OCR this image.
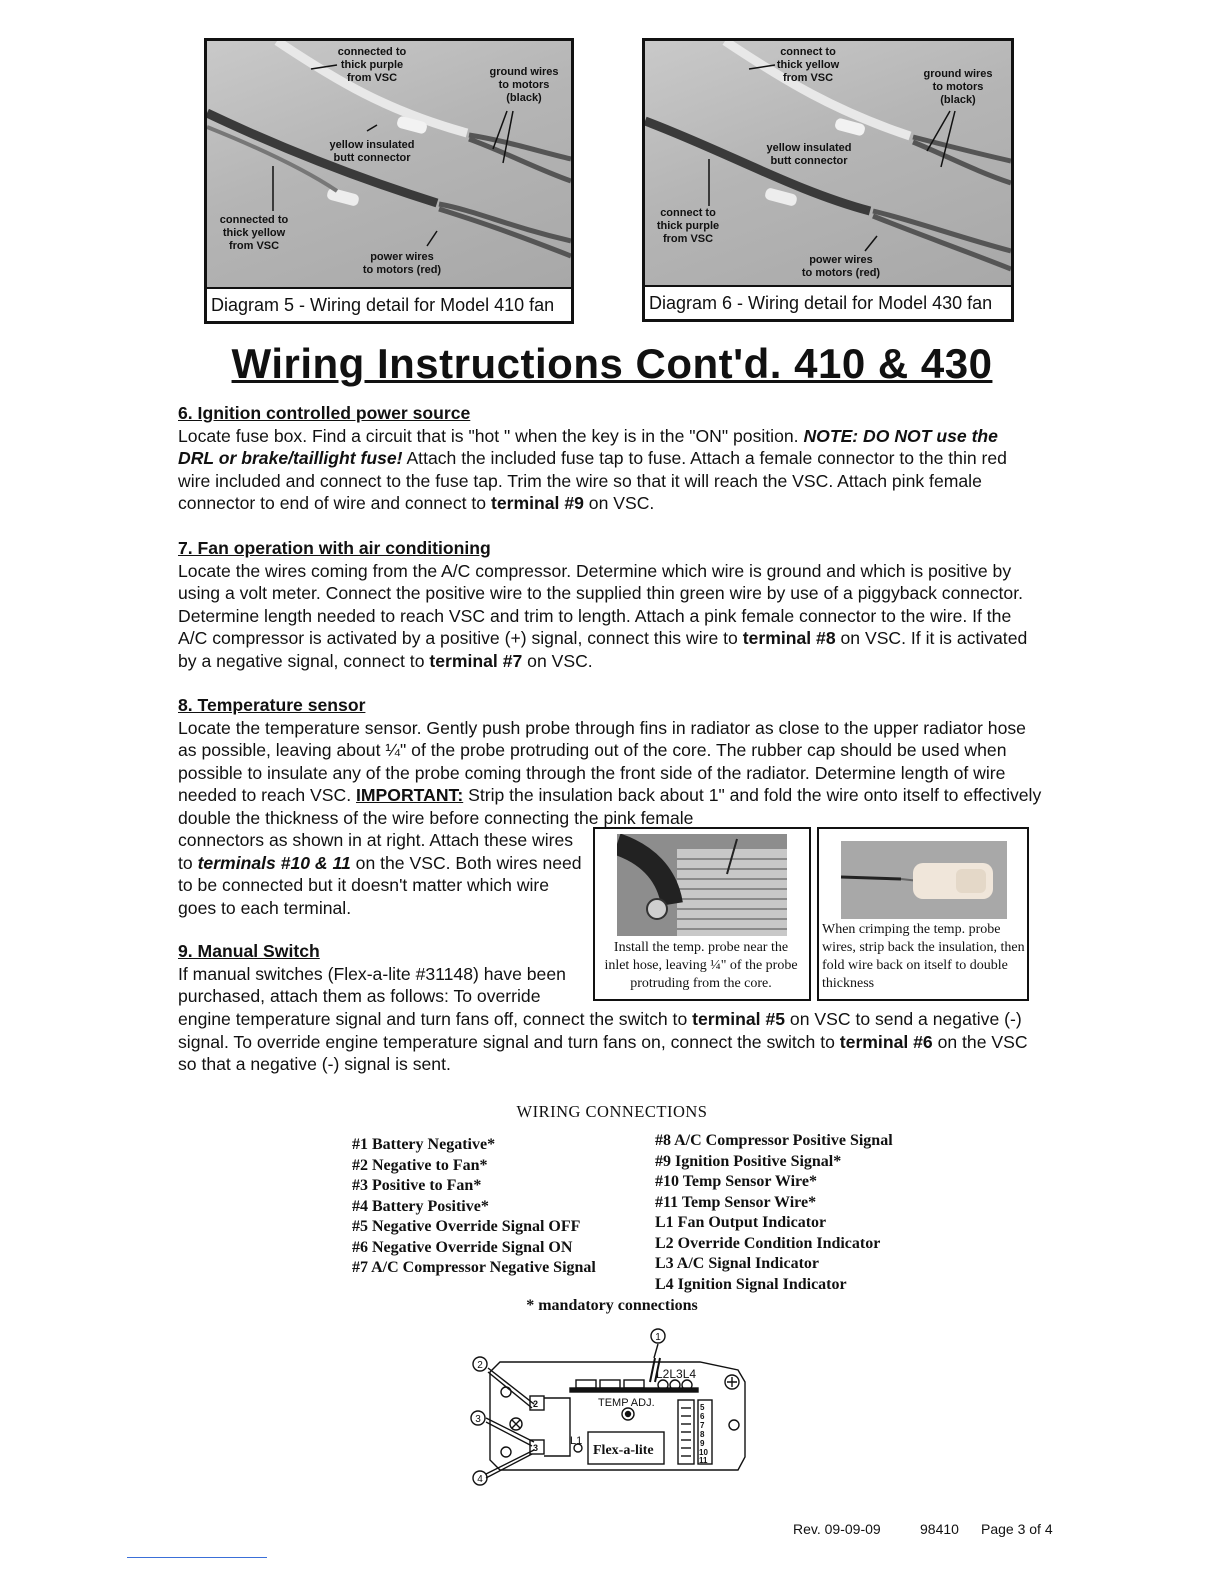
connected to
thick purple
from VSC	ground wires
to motors
(black)
yellow insulated
butt connector
connected to
thick yellow
from VSC
power wires
to motors (red)
Diagram 5 - Wiring detail for Model 410 fan
connect to
thick yellow
from VSC	ground wires
to motors
(black)
yellow insulated
butt connector
connect to
thick purple
from VSC
power wires
to motors (red)
Diagram 6 - Wiring detail for Model 430 fan
Wiring Instructions Cont'd. 410 & 430
6. Ignition controlled power source

Locate fuse box. Find a circuit that is "hot " when the key is in the "ON" position. NOTE: DO NOT use the DRL or brake/taillight fuse! Attach the included fuse tap to fuse. Attach a female connector to the thin red wire included and connect to the fuse tap. Trim the wire so that it will reach the VSC. Attach pink female connector to end of wire and connect to terminal #9 on VSC.

7. Fan operation with air conditioning

Locate the wires coming from the A/C compressor. Determine which wire is ground and which is positive by using a volt meter. Connect the positive wire to the supplied thin green wire by use of a piggyback connector. Determine length needed to reach VSC and trim to length. Attach a pink female connector to the wire. If the A/C compressor is activated by a positive (+) signal, connect this wire to terminal #8 on VSC. If it is activated by a negative signal, connect to terminal #7 on VSC.

8. Temperature sensor

Locate the temperature sensor. Gently push probe through fins in radiator as close to the upper radiator hose as possible, leaving about ¼" of the probe protruding out of the core. The rubber cap should be used when possible to insulate any of the probe coming through the front side of the radiator. Determine length of wire needed to reach VSC. IMPORTANT: Strip the insulation back about 1" and fold the wire onto itself to effectively double the thickness of the wire before connecting the pink female

connectors as shown in at right. Attach these wires to terminals #10 & 11 on the VSC. Both wires need to be connected but it doesn't matter which wire goes to each terminal.

Install the temp. probe near the inlet hose, leaving ¼" of the probe protruding from the core.
When crimping the temp. probe wires, strip back the insulation, then fold wire back on itself to double thickness
9. Manual Switch

If manual switches (Flex-a-lite #31148) have been purchased, attach them as follows: To override

engine temperature signal and turn fans off, connect the switch to terminal #5 on VSC to send a negative (-) signal. To override engine temperature signal and turn fans on, connect the switch to terminal #6 on the VSC so that a negative (-) signal is sent.

WIRING CONNECTIONS
#1 Battery Negative*
#2 Negative to Fan*
#3 Positive to Fan*
#4 Battery Positive*
#5 Negative Override Signal OFF
#6 Negative Override Signal ON
#7 A/C Compressor Negative Signal
#8 A/C Compressor Positive Signal
#9 Ignition Positive Signal*
#10 Temp Sensor Wire*
#11 Temp Sensor Wire*
L1 Fan Output Indicator
L2 Override Condition Indicator
L3 A/C Signal Indicator
L4 Ignition Signal Indicator
* mandatory connections
1
2
3
4
L2L3L4
TEMP ADJ.
L1
Flex-a-lite
2
3
5
6
7
8
9
10
11
Rev. 09-09-09	98410 Page 3 of 4
